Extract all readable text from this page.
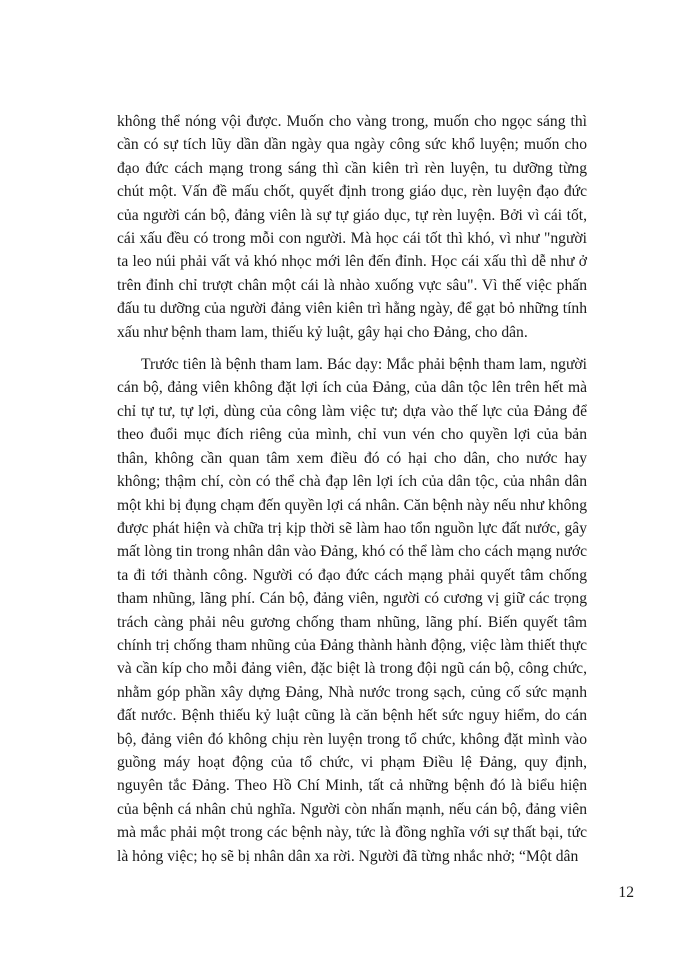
không thể nóng vội được. Muốn cho vàng trong, muốn cho ngọc sáng thì cần có sự tích lũy dần dần ngày qua ngày công sức khổ luyện; muốn cho đạo đức cách mạng trong sáng thì cần kiên trì rèn luyện, tu dưỡng từng chút một. Vấn đề mấu chốt, quyết định trong giáo dục, rèn luyện đạo đức của người cán bộ, đảng viên là sự tự giáo dục, tự rèn luyện. Bởi vì cái tốt, cái xấu đều có trong mỗi con người. Mà học cái tốt thì khó, vì như "người ta leo núi phải vất vả khó nhọc mới lên đến đỉnh. Học cái xấu thì dễ như ở trên đỉnh chỉ trượt chân một cái là nhào xuống vực sâu". Vì thế việc phấn đấu tu dưỡng của người đảng viên kiên trì hằng ngày, để gạt bỏ những tính xấu như bệnh tham lam, thiếu kỷ luật, gây hại cho Đảng, cho dân.

Trước tiên là bệnh tham lam. Bác dạy: Mắc phải bệnh tham lam, người cán bộ, đảng viên không đặt lợi ích của Đảng, của dân tộc lên trên hết mà chỉ tự tư, tự lợi, dùng của công làm việc tư; dựa vào thế lực của Đảng để theo đuổi mục đích riêng của mình, chỉ vun vén cho quyền lợi của bản thân, không cần quan tâm xem điều đó có hại cho dân, cho nước hay không; thậm chí, còn có thể chà đạp lên lợi ích của dân tộc, của nhân dân một khi bị đụng chạm đến quyền lợi cá nhân. Căn bệnh này nếu như không được phát hiện và chữa trị kịp thời sẽ làm hao tổn nguồn lực đất nước, gây mất lòng tin trong nhân dân vào Đảng, khó có thể làm cho cách mạng nước ta đi tới thành công. Người có đạo đức cách mạng phải quyết tâm chống tham nhũng, lãng phí. Cán bộ, đảng viên, người có cương vị giữ các trọng trách càng phải nêu gương chống tham nhũng, lãng phí. Biến quyết tâm chính trị chống tham nhũng của Đảng thành hành động, việc làm thiết thực và cần kíp cho mỗi đảng viên, đặc biệt là trong đội ngũ cán bộ, công chức, nhằm góp phần xây dựng Đảng, Nhà nước trong sạch, củng cố sức mạnh đất nước. Bệnh thiếu kỷ luật cũng là căn bệnh hết sức nguy hiểm, do cán bộ, đảng viên đó không chịu rèn luyện trong tổ chức, không đặt mình vào guồng máy hoạt động của tổ chức, vi phạm Điều lệ Đảng, quy định, nguyên tắc Đảng. Theo Hồ Chí Minh, tất cả những bệnh đó là biểu hiện của bệnh cá nhân chủ nghĩa. Người còn nhấn mạnh, nếu cán bộ, đảng viên mà mắc phải một trong các bệnh này, tức là đồng nghĩa với sự thất bại, tức là hỏng việc; họ sẽ bị nhân dân xa rời. Người đã từng nhắc nhở; “Một dân

12
